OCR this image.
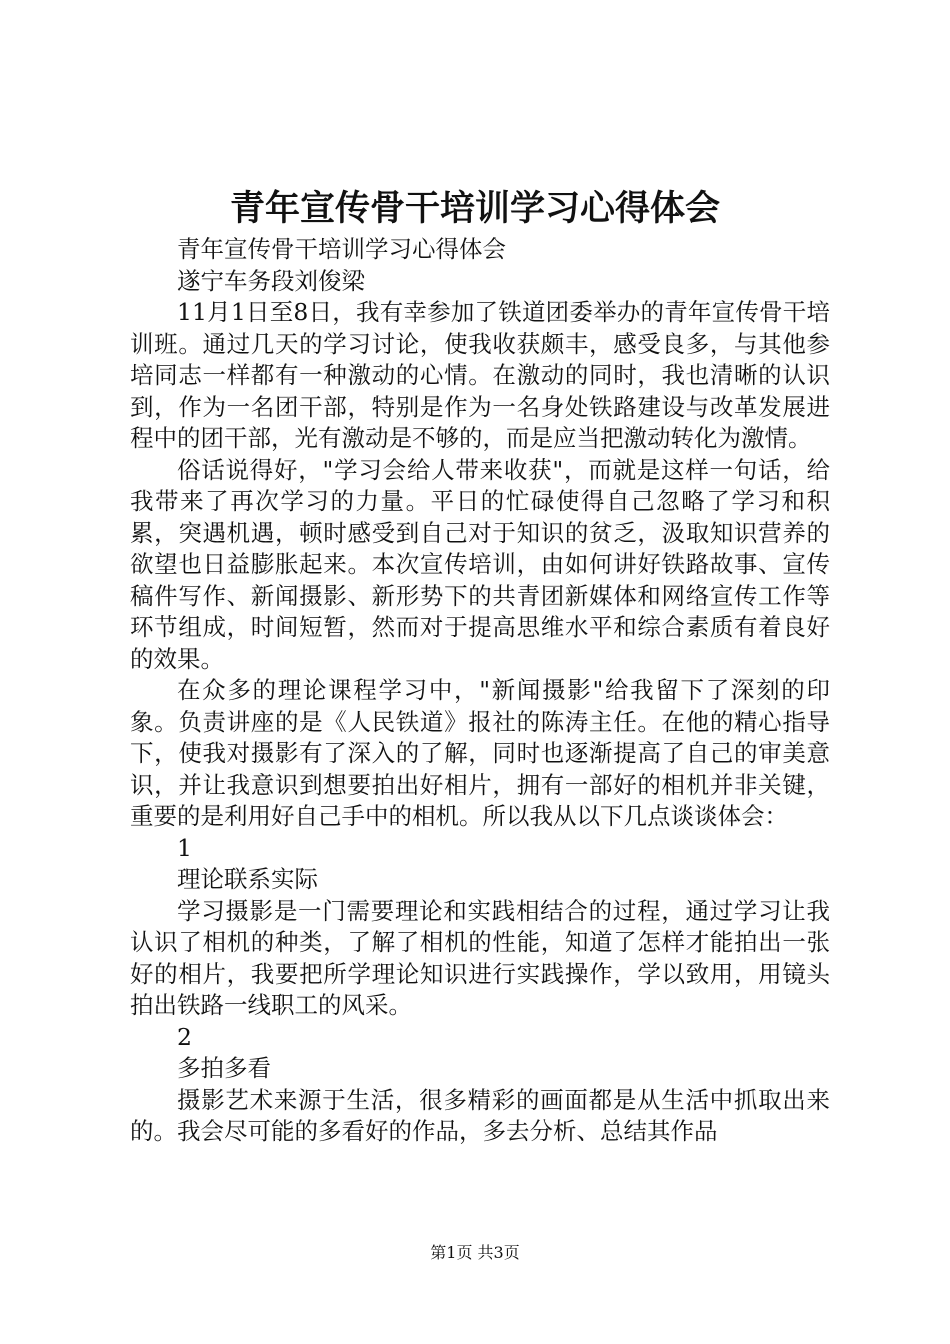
青年宣传骨干培训学习心得体会

青年宣传骨干培训学习心得体会

遂宁车务段刘俊梁

11月1日至8日，我有幸参加了铁道团委举办的青年宣传骨干培训班。通过几天的学习讨论，使我收获颇丰，感受良多，与其他参培同志一样都有一种激动的心情。在激动的同时，我也清晰的认识到，作为一名团干部，特别是作为一名身处铁路建设与改革发展进程中的团干部，光有激动是不够的，而是应当把激动转化为激情。

俗话说得好，"学习会给人带来收获"，而就是这样一句话，给我带来了再次学习的力量。平日的忙碌使得自己忽略了学习和积累，突遇机遇，顿时感受到自己对于知识的贫乏，汲取知识营养的欲望也日益膨胀起来。本次宣传培训，由如何讲好铁路故事、宣传稿件写作、新闻摄影、新形势下的共青团新媒体和网络宣传工作等环节组成，时间短暂，然而对于提高思维水平和综合素质有着良好的效果。

在众多的理论课程学习中，"新闻摄影"给我留下了深刻的印象。负责讲座的是《人民铁道》报社的陈涛主任。在他的精心指导下，使我对摄影有了深入的了解，同时也逐渐提高了自己的审美意识，并让我意识到想要拍出好相片，拥有一部好的相机并非关键，重要的是利用好自己手中的相机。所以我从以下几点谈谈体会：

1

理论联系实际

学习摄影是一门需要理论和实践相结合的过程，通过学习让我认识了相机的种类，了解了相机的性能，知道了怎样才能拍出一张好的相片，我要把所学理论知识进行实践操作，学以致用，用镜头拍出铁路一线职工的风采。

2

多拍多看

摄影艺术来源于生活，很多精彩的画面都是从生活中抓取出来的。我会尽可能的多看好的作品，多去分析、总结其作品

第1页 共3页
